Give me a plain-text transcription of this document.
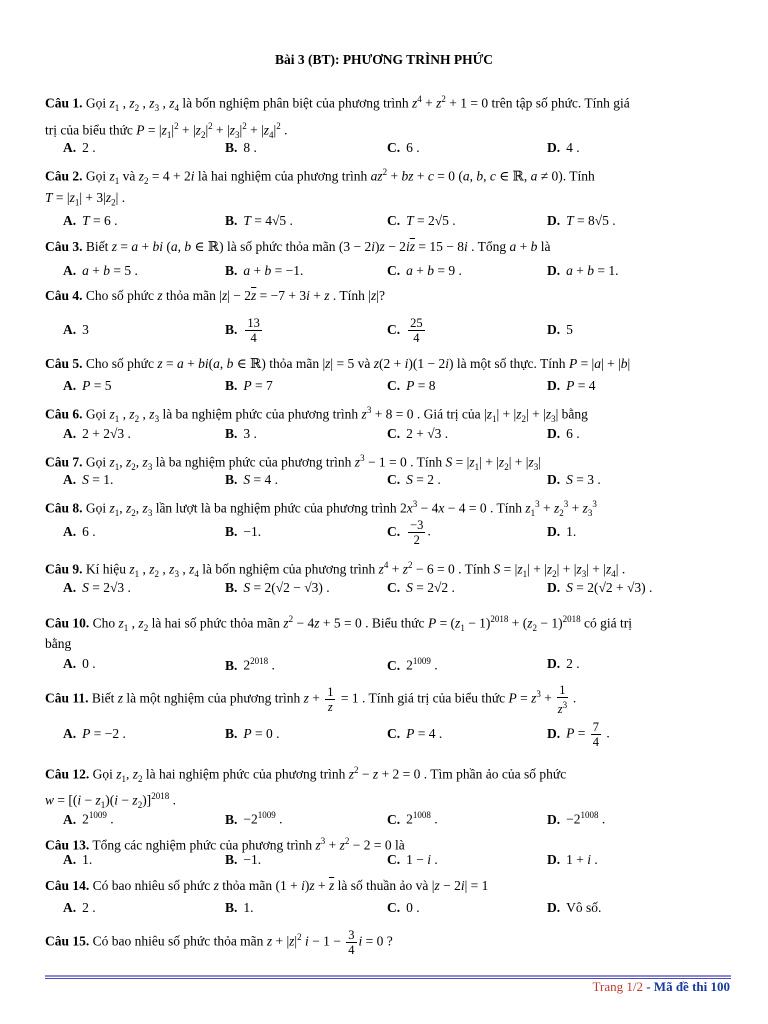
Bài 3 (BT): PHƯƠNG TRÌNH PHỨC
Câu 1. Gọi $z_1$ , $z_2$ , $z_3$ , $z_4$ là bốn nghiệm phân biệt của phương trình $z^4 + z^2 + 1 = 0$ trên tập số phức. Tính giá
trị của biểu thức $P = |z_1|^2 + |z_2|^2 + |z_3|^2 + |z_4|^2$ .
A. 2 .	B. 8 .	C. 6 .	D. 4 .
Câu 2. Gọi $z_1$ và $z_2 = 4 + 2i$ là hai nghiệm của phương trình $az^2$ + bz + c = 0 (a, b, c ∈ ℝ, a ≠ 0). Tính
$T = |z_1| + 3|z_2|$ .
A. T = 6 .	B. T = 4√5 .	C. T = 2√5 .	D. T = 8√5 .
Câu 3. Biết z = a + bi (a, b ∈ ℝ) là số phức thỏa mãn $(3 - 2i)z - 2i\overline{z} = 15 - 8i$ . Tổng a + b là
A. a + b = 5 .	B. a + b = −1.	C. a + b = 9 .	D. a + b = 1.
Câu 4. Cho số phức z thỏa mãn $|z| - 2\overline{z} = -7 + 3i + z$ . Tính |z|?
A. 3	B. $\frac{13}{4}$	C. $\frac{25}{4}$	D. 5
Câu 5. Cho số phức z = a + bi(a, b ∈ ℝ) thỏa mãn |z| = 5 và z(2 + i)(1 − 2i) là một số thực. Tính P = |a| + |b|
A. P = 5	B. P = 7	C. P = 8	D. P = 4
Câu 6. Gọi $z_1$ , $z_2$ , $z_3$ là ba nghiệm phức của phương trình $z^3 + 8 = 0$ . Giá trị của $|z_1| + |z_2| + |z_3|$ bằng
A. 2 + 2√3 .	B. 3 .	C. 2 + √3 .	D. 6 .
Câu 7. Gọi $z_1$, $z_2$, $z_3$ là ba nghiệm phức của phương trình $z^3 - 1 = 0$ . Tính $S = |z_1| + |z_2| + |z_3|$
A. S = 1.	B. S = 4 .	C. S = 2 .	D. S = 3 .
Câu 8. Gọi $z_1$, $z_2$, $z_3$ lần lượt là ba nghiệm phức của phương trình $2x^3 - 4x - 4 = 0$ . Tính $z_1^3 + z_2^3 + z_3^3$
A. 6 .	B. −1.	C. $\frac{-3}{2}$ .	D. 1.
Câu 9. Kí hiệu $z_1$ , $z_2$ , $z_3$ , $z_4$ là bốn nghiệm của phương trình $z^4 + z^2 - 6 = 0$ . Tính $S = |z_1| + |z_2| + |z_3| + |z_4|$ .
A. S = 2√3 .	B. S = 2(√2 − √3) .	C. S = 2√2 .	D. S = 2(√2 + √3) .
Câu 10. Cho $z_1$ , $z_2$ là hai số phức thỏa mãn $z^2 - 4z + 5 = 0$ . Biểu thức $P = (z_1 - 1)^{2018} + (z_2 - 1)^{2018}$ có giá trị
bằng
A. 0 .	B. $2^{2018}$ .	C. $2^{1009}$ .	D. 2 .
Câu 11. Biết z là một nghiệm của phương trình $z + \frac{1}{z} = 1$ . Tính giá trị của biểu thức $P = z^3 + \frac{1}{z^3}$ .
A. P = −2 .	B. P = 0 .	C. P = 4 .	D. $P = \frac{7}{4}$ .
Câu 12. Gọi $z_1$, $z_2$ là hai nghiệm phức của phương trình $z^2 - z + 2 = 0$ . Tìm phần ảo của số phức
$w = [(i - z_1)(i - z_2)]^{2018}$ .
A. $2^{1009}$ .	B. $-2^{1009}$ .	C. $2^{1008}$ .	D. $-2^{1008}$ .
Câu 13. Tổng các nghiệm phức của phương trình $z^3 + z^2 - 2 = 0$ là
A. 1.	B. −1.	C. 1 − i .	D. 1 + i .
Câu 14. Có bao nhiêu số phức z thỏa mãn $(1 + i)z + \overline{z}$ là số thuần ảo và |z − 2i| = 1
A. 2 .	B. 1.	C. 0 .	D. Vô số.
Câu 15. Có bao nhiêu số phức thỏa mãn $z + |z|^2$ $i - 1 - \frac{3}{4}$ i = 0 ?
Trang 1/2 - Mã đề thi 100
